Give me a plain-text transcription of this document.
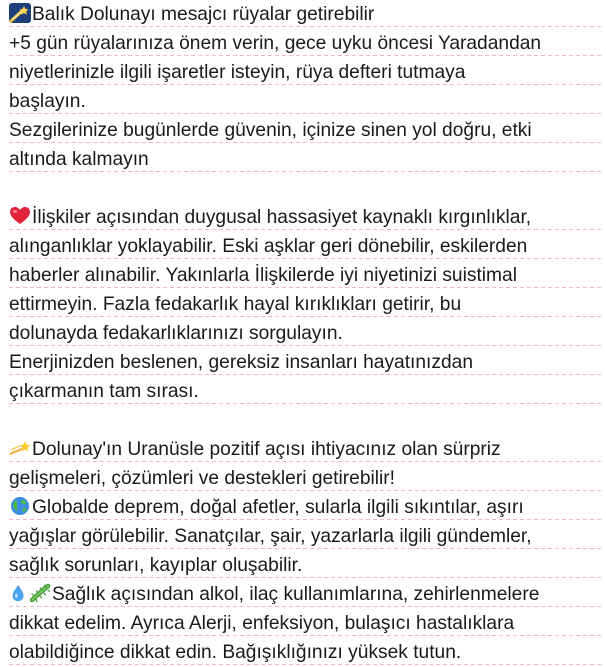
Balık Dolunayı mesajcı rüyalar getirebilir
+5 gün rüyalarınıza önem verin, gece uyku öncesi Yaradandan
niyetlerinizle ilgili işaretler isteyin, rüya defteri tutmaya
başlayın.
Sezgilerinize bugünlerde güvenin, içinize sinen yol doğru, etki
altında kalmayın
İlişkiler açısından duygusal hassasiyet kaynaklı kırgınlıklar,
alınganlıklar yoklayabilir. Eski aşklar geri dönebilir, eskilerden
haberler alınabilir. Yakınlarla İlişkilerde iyi niyetinizi suistimal
ettirmeyin. Fazla fedakarlık hayal kırıklıkları getirir, bu
dolunayda fedakarlıklarınızı sorgulayın.
Enerjinizden beslenen, gereksiz insanları hayatınızdan
çıkarmanın tam sırası.
Dolunay'ın Uranüsle pozitif açısı ihtiyacınız olan sürpriz
gelişmeleri, çözümleri ve destekleri getirebilir!
Globalde deprem, doğal afetler, sularla ilgili sıkıntılar, aşırı
yağışlar görülebilir. Sanatçılar, şair, yazarlarla ilgili gündemler,
sağlık sorunları, kayıplar oluşabilir.
Sağlık açısından alkol, ilaç kullanımlarına, zehirlenmelere
dikkat edelim. Ayrıca Alerji, enfeksiyon, bulaşıcı hastalıklara
olabildiğince dikkat edin. Bağışıklığınızı yüksek tutun.
